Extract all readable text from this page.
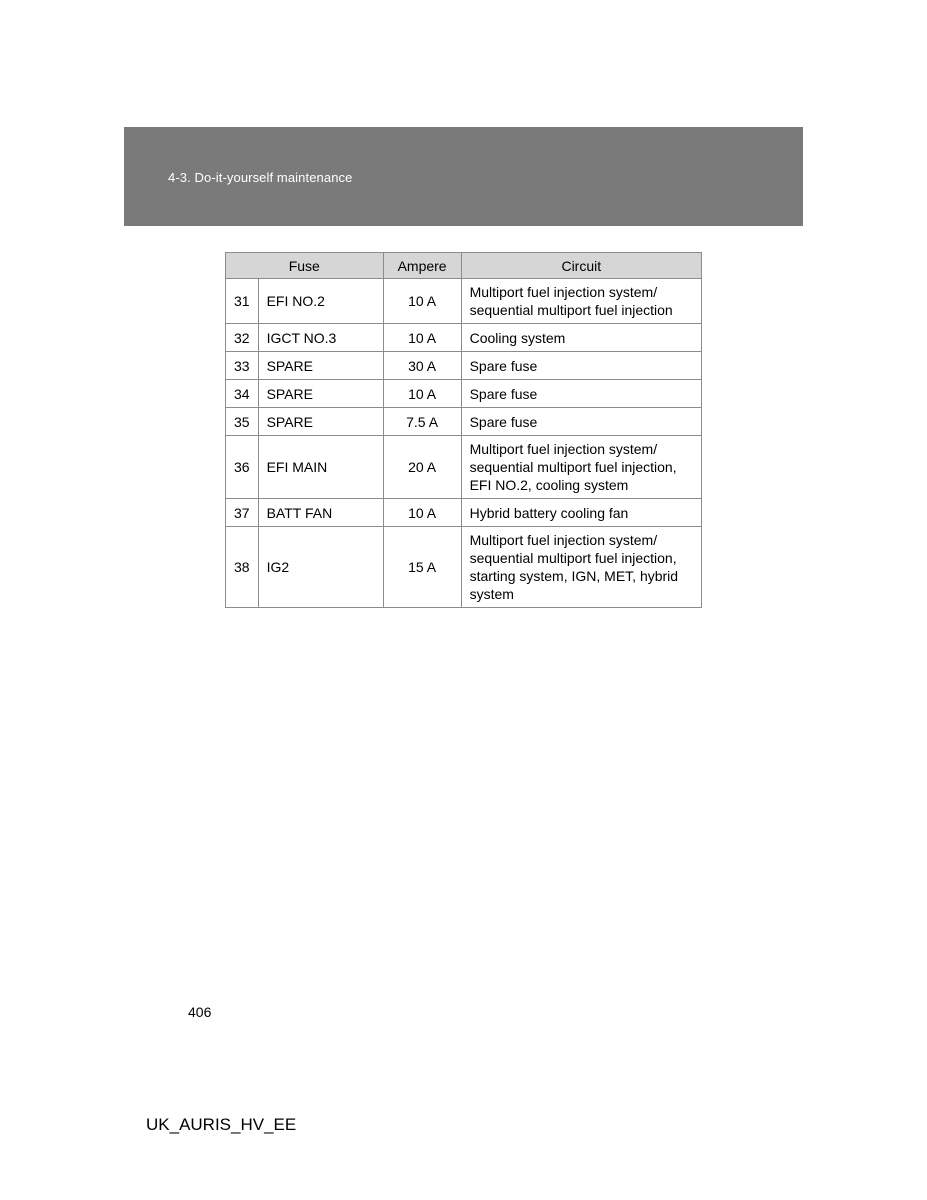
4-3. Do-it-yourself maintenance
Fuse		Ampere	Circuit
31	EFI NO.2	10 A	Multiport fuel injection system/
sequential multiport fuel injection

32	IGCT NO.3	10 A	Cooling system

33	SPARE	30 A	Spare fuse

34	SPARE	10 A	Spare fuse

35	SPARE	7.5 A	Spare fuse

36	EFI MAIN	20 A	Multiport fuel injection system/
sequential multiport fuel injection,
EFI NO.2, cooling system

37	BATT FAN	10 A	Hybrid battery cooling fan

38	IG2	15 A	Multiport fuel injection system/
sequential multiport fuel injection,
starting system, IGN, MET, hybrid
system
406
UK_AURIS_HV_EE
